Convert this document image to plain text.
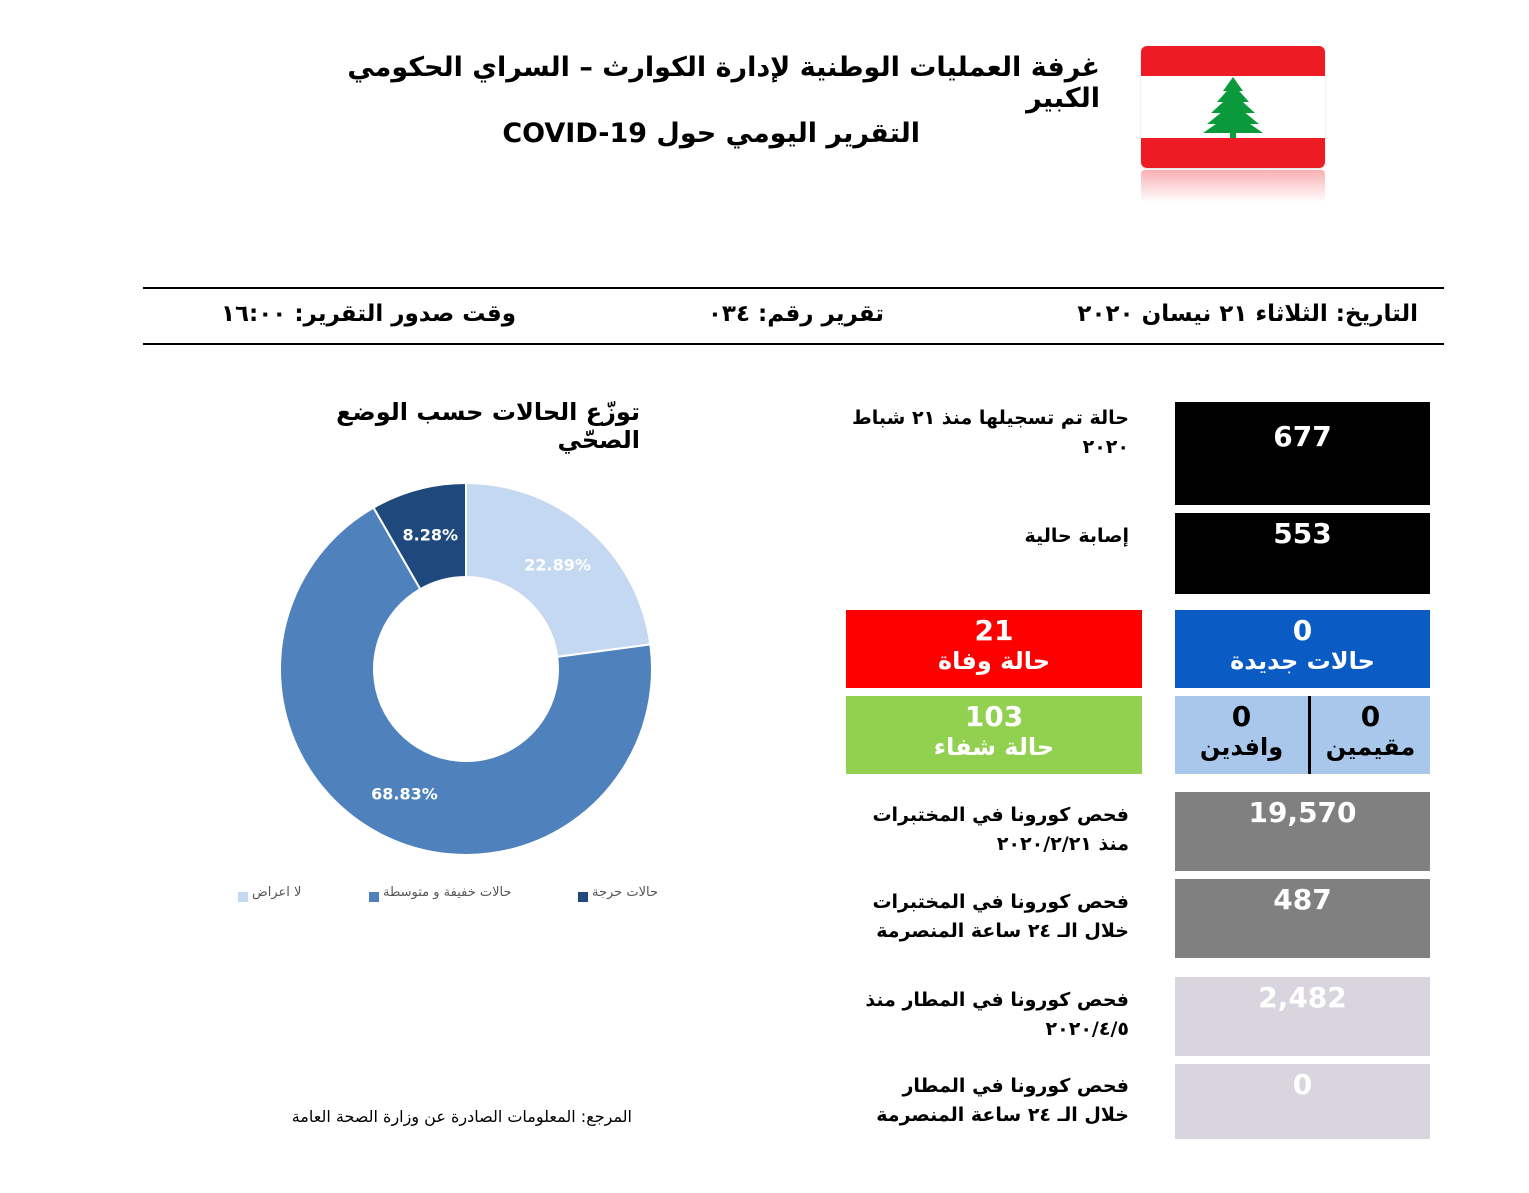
غرفة العمليات الوطنية لإدارة الكوارث – السراي الحكومي الكبير
التقرير اليومي حول COVID-19
التاريخ: الثلاثاء ٢١ نيسان ٢٠٢٠
تقرير رقم: ٠٣٤
وقت صدور التقرير: ١٦:٠٠
حالة تم تسجيلها منذ ٢١ شباط ٢٠٢٠	677
إصابة حالية	553
21
حالة وفاة
0
حالات جديدة
103
حالة شفاء
0
وافدين
0
مقيمين
فحص كورونا في المختبرات
منذ ٢٠٢٠/٢/٢١
19,570
فحص كورونا في المختبرات
خلال الـ ٢٤ ساعة المنصرمة
487
فحص كورونا في المطار منذ
٢٠٢٠/٤/٥
2,482
فحص كورونا في المطار
خلال الـ ٢٤ ساعة المنصرمة
0
توزّع الحالات حسب الوضع الصحّي
22.89%
68.83%
8.28%
لا اعراض	حالات خفيفة و متوسطة	حالات حرجة
المرجع: المعلومات الصادرة عن وزارة الصحة العامة
